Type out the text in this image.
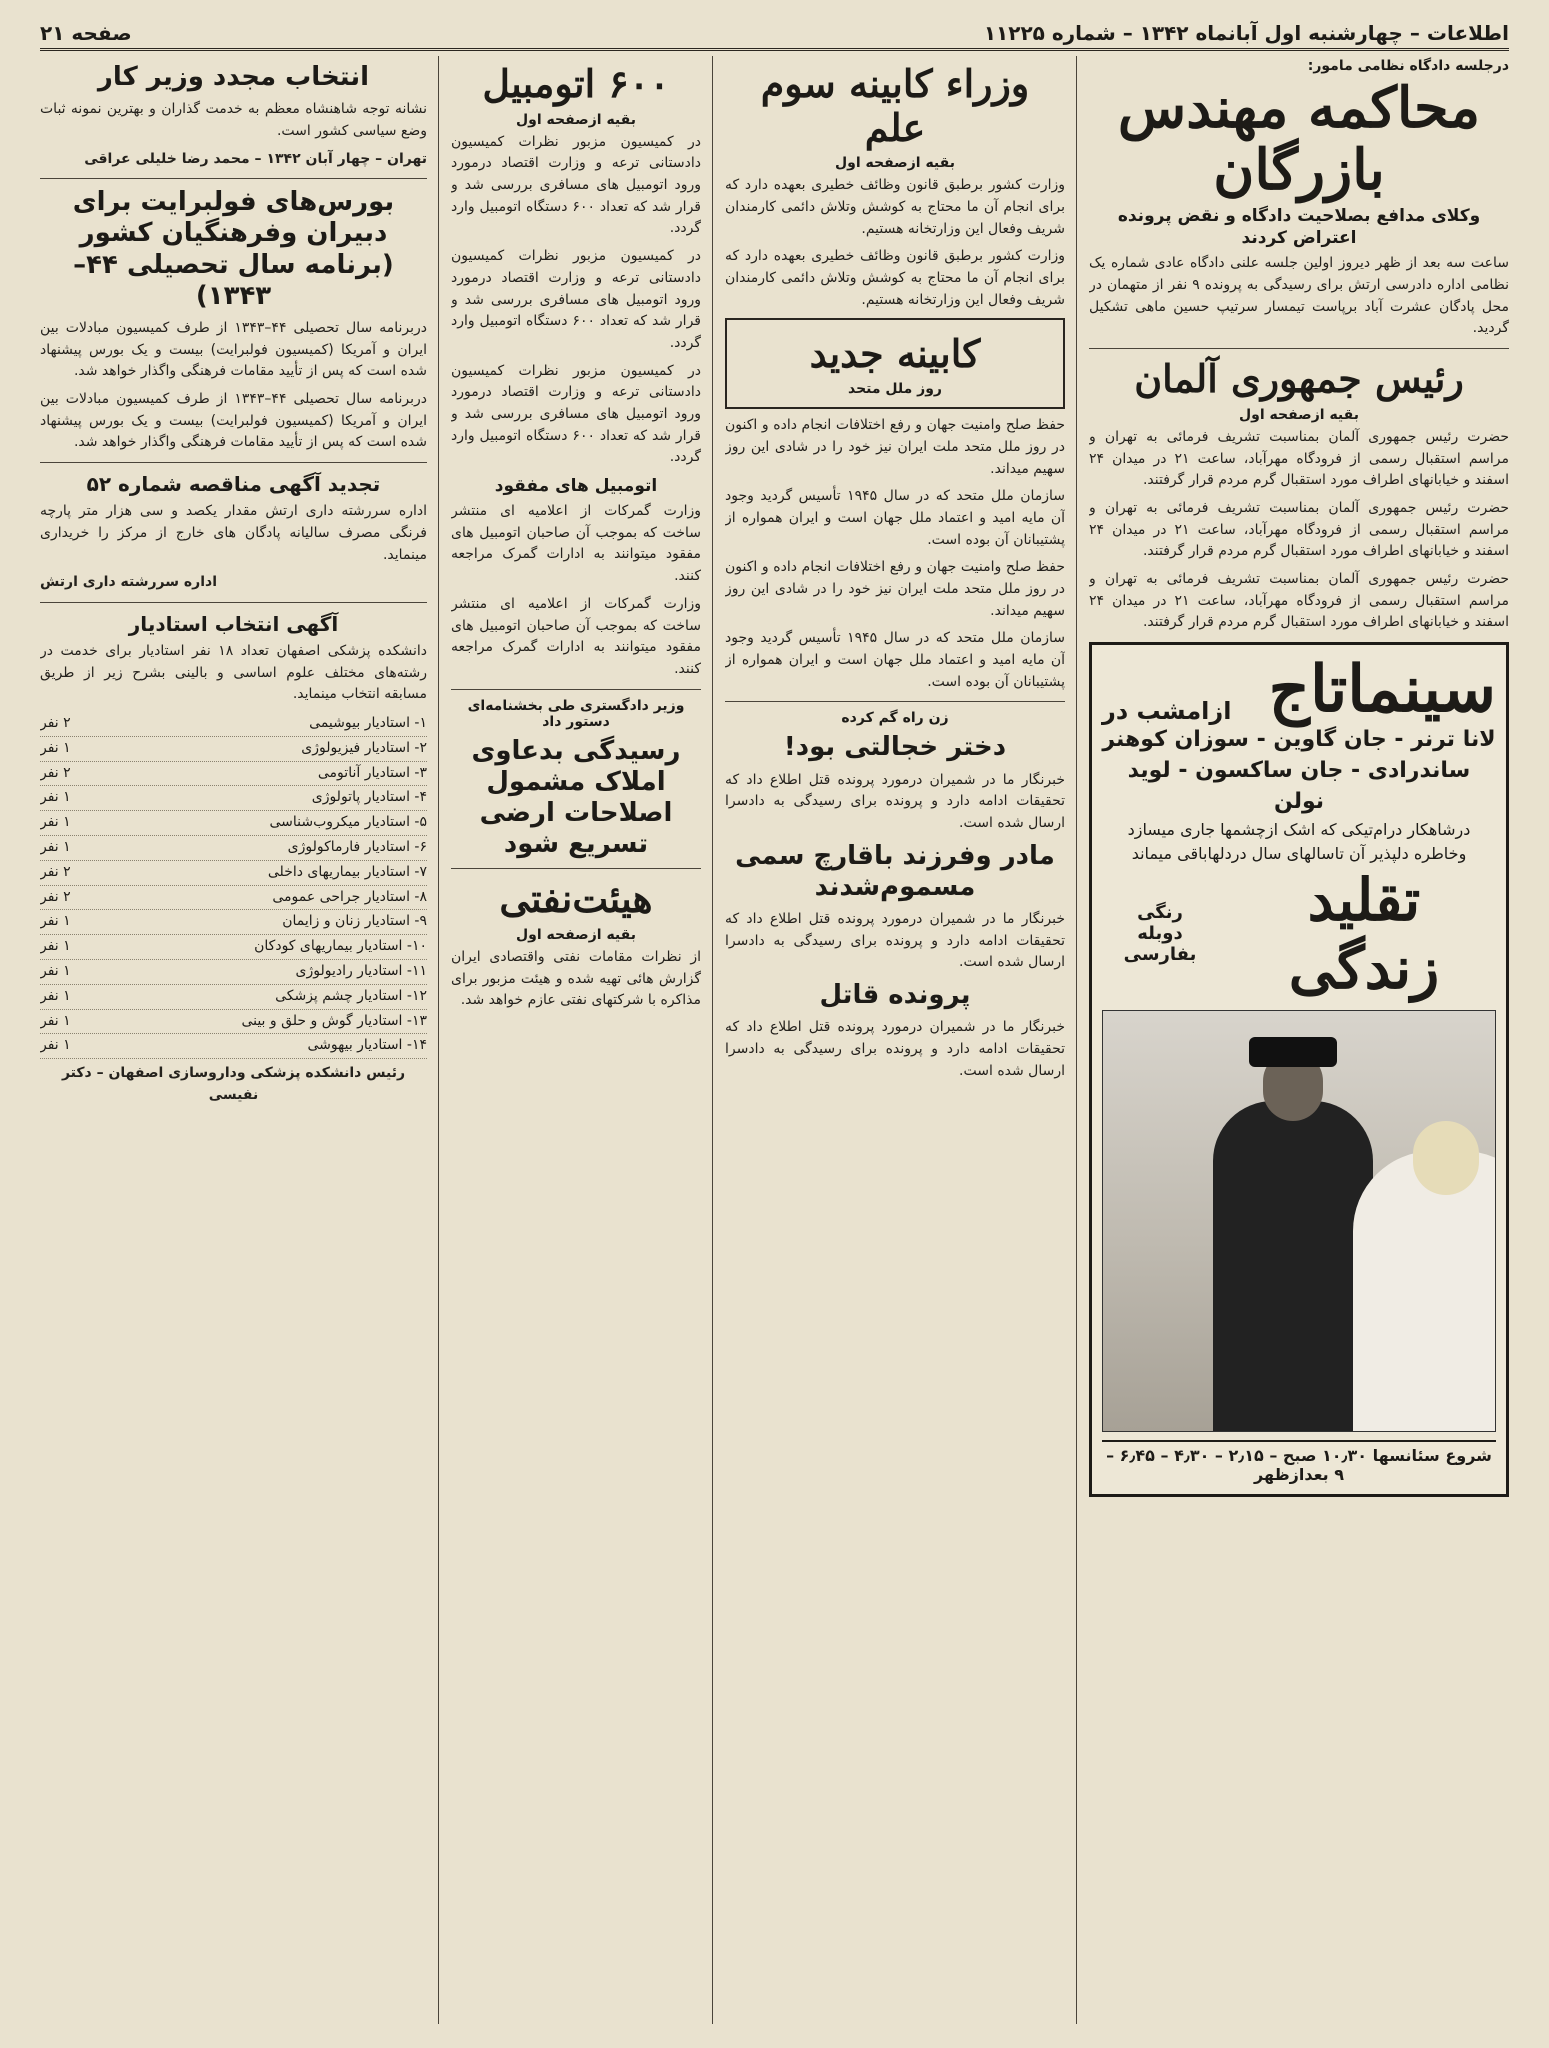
اطلاعات – چهارشنبه اول آبانماه ۱۳۴۲ – شماره ۱۱۲۲۵
صفحه ۲۱
درجلسه دادگاه نظامی مامور:
محاکمه مهندس بازرگان
وکلای مدافع بصلاحیت دادگاه و نقض پرونده اعتراض کردند

ساعت سه بعد از ظهر دیروز اولین جلسه علنی دادگاه عادی شماره یک نظامی اداره دادرسی ارتش برای رسیدگی به پرونده ۹ نفر از متهمان در محل پادگان عشرت آباد برپاست تیمسار سرتیپ حسین ماهی تشکیل گردید.

رئیس جمهوری آلمان
بقیه ازصفحه اول

حضرت رئیس جمهوری آلمان بمناسبت تشریف فرمائی به تهران و مراسم استقبال رسمی از فرودگاه مهرآباد، ساعت ۲۱ در میدان ۲۴ اسفند و خیابانهای اطراف مورد استقبال گرم مردم قرار گرفتند.

حضرت رئیس جمهوری آلمان بمناسبت تشریف فرمائی به تهران و مراسم استقبال رسمی از فرودگاه مهرآباد، ساعت ۲۱ در میدان ۲۴ اسفند و خیابانهای اطراف مورد استقبال گرم مردم قرار گرفتند.

حضرت رئیس جمهوری آلمان بمناسبت تشریف فرمائی به تهران و مراسم استقبال رسمی از فرودگاه مهرآباد، ساعت ۲۱ در میدان ۲۴ اسفند و خیابانهای اطراف مورد استقبال گرم مردم قرار گرفتند.

سینماتاج
ازامشب در
لانا ترنر - جان گاوین - سوزان کوهنر
ساندرادی - جان ساکسون - لوید نولن
درشاهکار درام‌تیکی که اشک ازچشمها جاری میسازد وخاطره دلپذیر آن تاسالهای سال دردلهاباقی میماند
تقلید زندگی
رنگی
دوبله بفارسی
شروع سئانسها ۱۰٫۳۰ صبح – ۲٫۱۵ – ۴٫۳۰ – ۶٫۴۵ – ۹ بعدازظهر
وزراء کابینه سوم علم
بقیه ازصفحه اول

وزارت کشور برطبق قانون وظائف خطیری بعهده دارد که برای انجام آن ما محتاج به کوشش وتلاش دائمی کارمندان شریف وفعال این وزارتخانه هستیم.

وزارت کشور برطبق قانون وظائف خطیری بعهده دارد که برای انجام آن ما محتاج به کوشش وتلاش دائمی کارمندان شریف وفعال این وزارتخانه هستیم.

کابینه جدید
روز ملل متحد

حفظ صلح وامنیت جهان و رفع اختلافات انجام داده و اکنون در روز ملل متحد ملت ایران نیز خود را در شادی این روز سهیم میداند.

سازمان ملل متحد که در سال ۱۹۴۵ تأسیس گردید وجود آن مایه امید و اعتماد ملل جهان است و ایران همواره از پشتیبانان آن بوده است.

حفظ صلح وامنیت جهان و رفع اختلافات انجام داده و اکنون در روز ملل متحد ملت ایران نیز خود را در شادی این روز سهیم میداند.

سازمان ملل متحد که در سال ۱۹۴۵ تأسیس گردید وجود آن مایه امید و اعتماد ملل جهان است و ایران همواره از پشتیبانان آن بوده است.

زن راه گم کرده
دختر خجالتی بود!

خبرنگار ما در شمیران درمورد پرونده قتل اطلاع داد که تحقیقات ادامه دارد و پرونده برای رسیدگی به دادسرا ارسال شده است.

مادر وفرزند باقارچ سمی مسموم‌شدند

خبرنگار ما در شمیران درمورد پرونده قتل اطلاع داد که تحقیقات ادامه دارد و پرونده برای رسیدگی به دادسرا ارسال شده است.

پرونده قاتل

خبرنگار ما در شمیران درمورد پرونده قتل اطلاع داد که تحقیقات ادامه دارد و پرونده برای رسیدگی به دادسرا ارسال شده است.

۶۰۰ اتومبیل
بقیه ازصفحه اول

در کمیسیون مزبور نظرات کمیسیون دادستانی ترعه و وزارت اقتصاد درمورد ورود اتومبیل های مسافری بررسی شد و قرار شد که تعداد ۶۰۰ دستگاه اتومبیل وارد گردد.

در کمیسیون مزبور نظرات کمیسیون دادستانی ترعه و وزارت اقتصاد درمورد ورود اتومبیل های مسافری بررسی شد و قرار شد که تعداد ۶۰۰ دستگاه اتومبیل وارد گردد.

در کمیسیون مزبور نظرات کمیسیون دادستانی ترعه و وزارت اقتصاد درمورد ورود اتومبیل های مسافری بررسی شد و قرار شد که تعداد ۶۰۰ دستگاه اتومبیل وارد گردد.

اتومبیل های مفقود

وزارت گمرکات از اعلامیه ای منتشر ساخت که بموجب آن صاحبان اتومبیل های مفقود میتوانند به ادارات گمرک مراجعه کنند.

وزارت گمرکات از اعلامیه ای منتشر ساخت که بموجب آن صاحبان اتومبیل های مفقود میتوانند به ادارات گمرک مراجعه کنند.

وزیر دادگستری طی بخشنامه‌ای دستور داد
رسیدگی بدعاوی املاک مشمول اصلاحات ارضی تسریع شود
هیئت‌نفتی
بقیه ازصفحه اول

از نظرات مقامات نفتی واقتصادی ایران گزارش هائی تهیه شده و هیئت مزبور برای مذاکره با شرکتهای نفتی عازم خواهد شد.

انتخاب مجدد وزیر کار

نشانه توجه شاهنشاه معظم به خدمت گذاران و بهترین نمونه ثبات وضع سیاسی کشور است.

تهران – چهار آبان ۱۳۴۲ – محمد رضا خلیلی عراقی

بورس‌های فولبرایت برای دبیران وفرهنگیان کشور (برنامه سال تحصیلی ۴۴–۱۳۴۳)

دربرنامه سال تحصیلی ۴۴–۱۳۴۳ از طرف کمیسیون مبادلات بین ایران و آمریکا (کمیسیون فولبرایت) بیست و یک بورس پیشنهاد شده است که پس از تأیید مقامات فرهنگی واگذار خواهد شد.

دربرنامه سال تحصیلی ۴۴–۱۳۴۳ از طرف کمیسیون مبادلات بین ایران و آمریکا (کمیسیون فولبرایت) بیست و یک بورس پیشنهاد شده است که پس از تأیید مقامات فرهنگی واگذار خواهد شد.

تجدید آگهی مناقصه شماره ۵۲

اداره سررشته داری ارتش مقدار یکصد و سی هزار متر پارچه فرنگی مصرف سالیانه پادگان های خارج از مرکز را خریداری مینماید.

اداره سررشته داری ارتش

آگهی انتخاب استادیار

دانشکده پزشکی اصفهان تعداد ۱۸ نفر استادیار برای خدمت در رشته‌های مختلف علوم اساسی و بالینی بشرح زیر از طریق مسابقه انتخاب مینماید.

۱- استادیار بیوشیمی
۲ نفر
۲- استادیار فیزیولوژی
۱ نفر
۳- استادیار آناتومی
۲ نفر
۴- استادیار پاتولوژی
۱ نفر
۵- استادیار میکروب‌شناسی
۱ نفر
۶- استادیار فارماکولوژی
۱ نفر
۷- استادیار بیماریهای داخلی
۲ نفر
۸- استادیار جراحی عمومی
۲ نفر
۹- استادیار زنان و زایمان
۱ نفر
۱۰- استادیار بیماریهای کودکان
۱ نفر
۱۱- استادیار رادیولوژی
۱ نفر
۱۲- استادیار چشم پزشکی
۱ نفر
۱۳- استادیار گوش و حلق و بینی
۱ نفر
۱۴- استادیار بیهوشی
۱ نفر

رئیس دانشکده پزشکی وداروسازی اصفهان – دکتر نفیسی
